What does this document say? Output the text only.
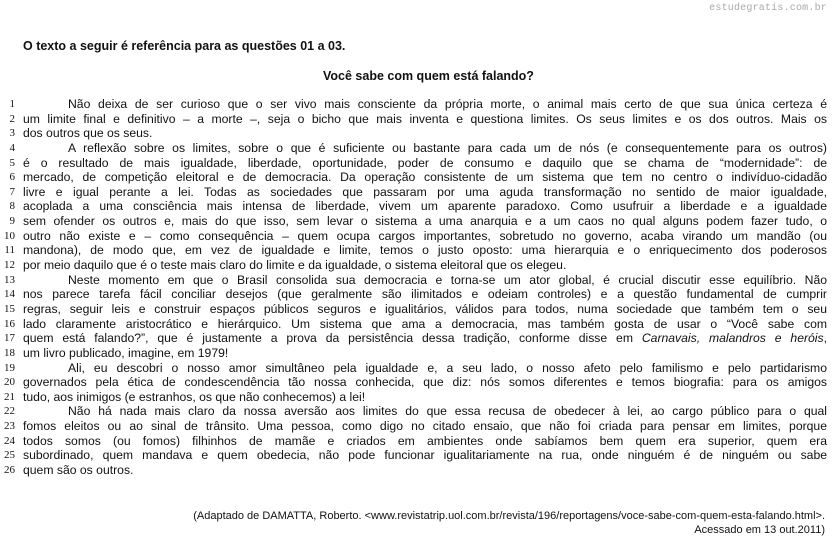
estudegratis.com.br
O texto a seguir é referência para as questões 01 a 03.
Você sabe com quem está falando?
1	Não deixa de ser curioso que o ser vivo mais consciente da própria morte, o animal mais certo de que sua única certeza é
2 um limite final e definitivo – a morte –, seja o bicho que mais inventa e questiona limites. Os seus limites e os dos outros. Mais os
3 dos outros que os seus.
4	A reflexão sobre os limites, sobre o que é suficiente ou bastante para cada um de nós (e consequentemente para os outros)
5 é o resultado de mais igualdade, liberdade, oportunidade, poder de consumo e daquilo que se chama de “modernidade”: de
6 mercado, de competição eleitoral e de democracia. Da operação consistente de um sistema que tem no centro o indivíduo-cidadão
7 livre e igual perante a lei. Todas as sociedades que passaram por uma aguda transformação no sentido de maior igualdade,
8 acoplada a uma consciência mais intensa de liberdade, vivem um aparente paradoxo. Como usufruir a liberdade e a igualdade
9 sem ofender os outros e, mais do que isso, sem levar o sistema a uma anarquia e a um caos no qual alguns podem fazer tudo, o
10 outro não existe e – como consequência – quem ocupa cargos importantes, sobretudo no governo, acaba virando um mandão (ou
11 mandona), de modo que, em vez de igualdade e limite, temos o justo oposto: uma hierarquia e o enriquecimento dos poderosos
12 por meio daquilo que é o teste mais claro do limite e da igualdade, o sistema eleitoral que os elegeu.
13	Neste momento em que o Brasil consolida sua democracia e torna-se um ator global, é crucial discutir esse equilíbrio. Não
14 nos parece tarefa fácil conciliar desejos (que geralmente são ilimitados e odeiam controles) e a questão fundamental de cumprir
15 regras, seguir leis e construir espaços públicos seguros e igualitários, válidos para todos, numa sociedade que também tem o seu
16 lado claramente aristocrático e hierárquico. Um sistema que ama a democracia, mas também gosta de usar o “Você sabe com
17 quem está falando?”, que é justamente a prova da persistência dessa tradição, conforme disse em Carnavais, malandros e heróis,
18 um livro publicado, imagine, em 1979!
19	Ali, eu descobri o nosso amor simultâneo pela igualdade e, a seu lado, o nosso afeto pelo familismo e pelo partidarismo
20 governados pela ética de condescendência tão nossa conhecida, que diz: nós somos diferentes e temos biografia: para os amigos
21 tudo, aos inimigos (e estranhos, os que não conhecemos) a lei!
22	Não há nada mais claro da nossa aversão aos limites do que essa recusa de obedecer à lei, ao cargo público para o qual
23 fomos eleitos ou ao sinal de trânsito. Uma pessoa, como digo no citado ensaio, que não foi criada para pensar em limites, porque
24 todos somos (ou fomos) filhinhos de mamãe e criados em ambientes onde sabíamos bem quem era superior, quem era
25 subordinado, quem mandava e quem obedecia, não pode funcionar igualitariamente na rua, onde ninguém é de ninguém ou sabe
26 quem são os outros.
(Adaptado de DAMATTA, Roberto. <www.revistatrip.uol.com.br/revista/196/reportagens/voce-sabe-com-quem-esta-falando.html>.
Acessado em 13 out.2011)
